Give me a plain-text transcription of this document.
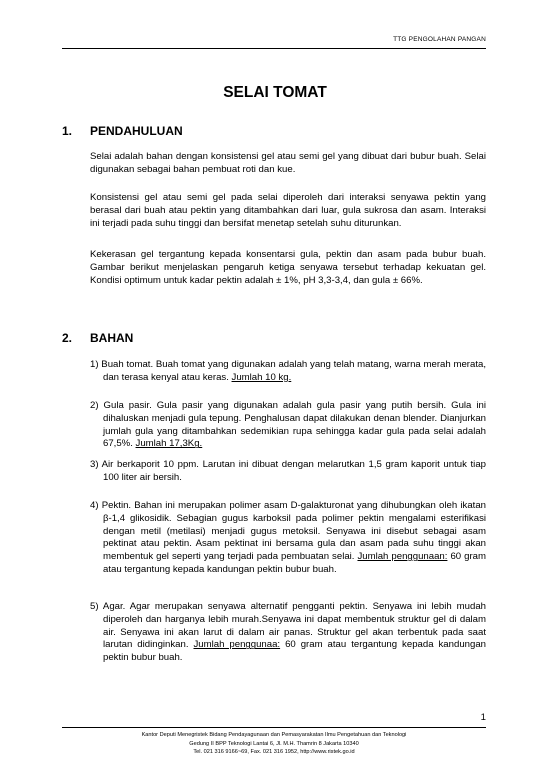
TTG PENGOLAHAN PANGAN
SELAI TOMAT
1. PENDAHULUAN

Selai adalah bahan dengan konsistensi gel atau semi gel yang dibuat dari bubur buah. Selai digunakan sebagai bahan pembuat roti dan kue.

Konsistensi gel atau semi gel pada selai diperoleh dari interaksi senyawa pektin yang berasal dari buah atau pektin yang ditambahkan dari luar, gula sukrosa dan asam. Interaksi ini terjadi pada suhu tinggi dan bersifat menetap setelah suhu diturunkan.

Kekerasan gel tergantung kepada konsentarsi gula, pektin dan asam pada bubur buah. Gambar berikut menjelaskan pengaruh ketiga senyawa tersebut terhadap kekuatan gel. Kondisi optimum untuk kadar pektin adalah ± 1%, pH 3,3-3,4, dan gula ± 66%.

2. BAHAN
1) Buah tomat. Buah tomat yang digunakan adalah yang telah matang, warna merah merata, dan terasa kenyal atau keras. Jumlah 10 kg.
2) Gula pasir. Gula pasir yang digunakan adalah gula pasir yang putih bersih. Gula ini dihaluskan menjadi gula tepung. Penghalusan dapat dilakukan denan blender. Dianjurkan jumlah gula yang ditambahkan sedemikian rupa sehingga kadar gula pada selai adalah 67,5%. Jumlah 17,3Kg.
3) Air berkaporit 10 ppm. Larutan ini dibuat dengan melarutkan 1,5 gram kaporit untuk tiap 100 liter air bersih.
4) Pektin. Bahan ini merupakan polimer asam D-galakturonat yang dihubungkan oleh ikatan β-1,4 glikosidik. Sebagian gugus karboksil pada polimer pektin mengalami esterifikasi dengan metil (metilasi) menjadi gugus metoksil. Senyawa ini disebut sebagai asam pektinat atau pektin. Asam pektinat ini bersama gula dan asam pada suhu tinggi akan membentuk gel seperti yang terjadi pada pembuatan selai. Jumlah penggunaan: 60 gram atau tergantung kepada kandungan pektin bubur buah.
5) Agar. Agar merupakan senyawa alternatif pengganti pektin. Senyawa ini lebih mudah diperoleh dan harganya lebih murah.Senyawa ini dapat membentuk struktur gel di dalam air. Senyawa ini akan larut di dalam air panas. Struktur gel akan terbentuk pada saat larutan didinginkan. Jumlah penggunaa: 60 gram atau tergantung kepada kandungan pektin bubur buah.
1
Kantor Deputi Menegristek Bidang Pendayagunaan dan Pemasyarakatan Ilmu Pengetahuan dan Teknologi
Gedung II BPP Teknologi Lantai 6, Jl. M.H. Thamrin 8 Jakarta 10340
Tel. 021 316 9166~69, Fax. 021 316 1952, http://www.ristek.go.id
